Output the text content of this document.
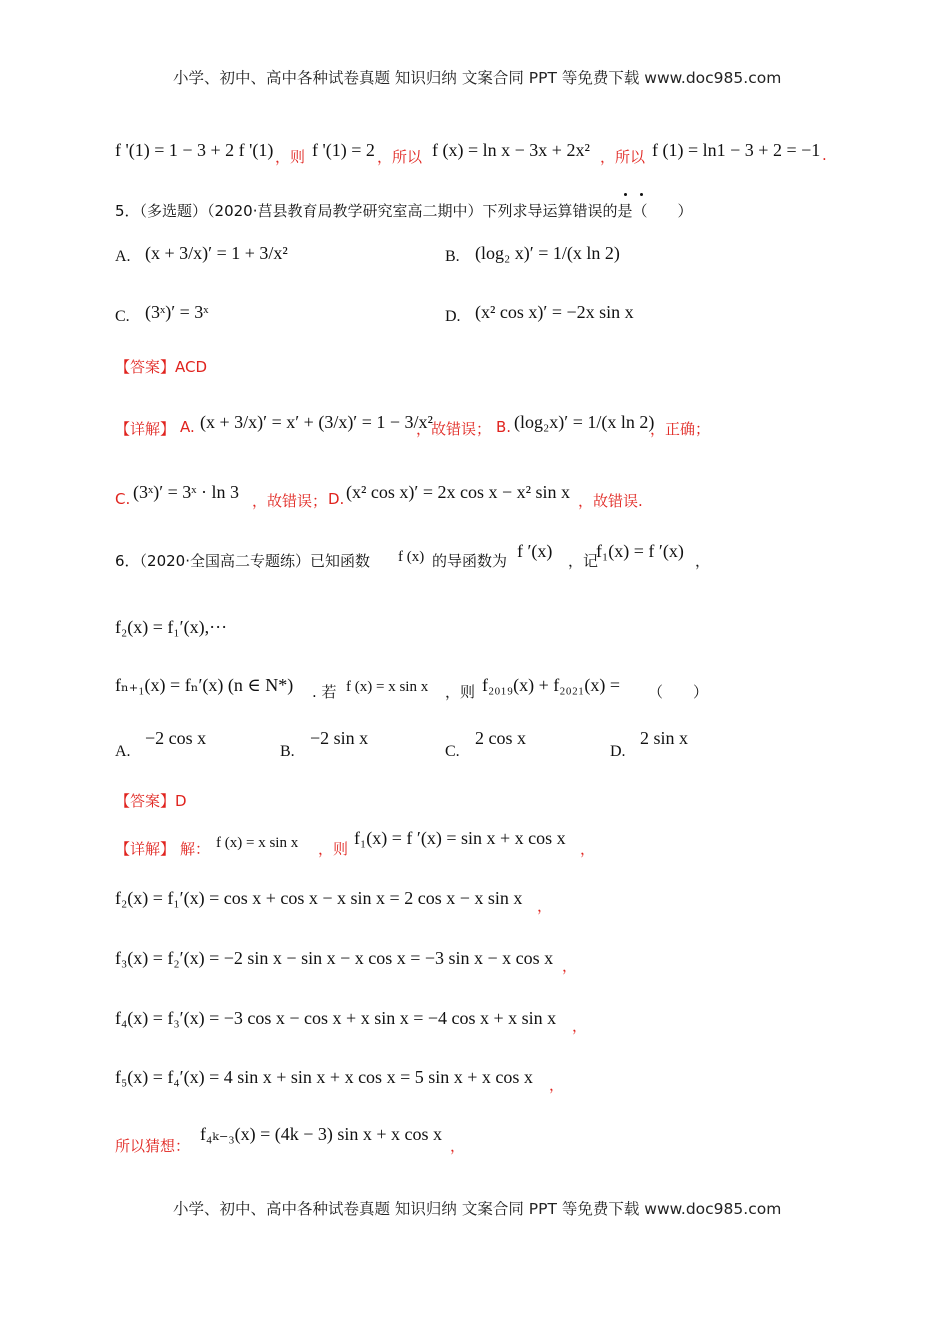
小学、初中、高中各种试卷真题 知识归纳 文案合同 PPT 等免费下载 www.doc985.com
f '(1) = 1 − 3 + 2 f '(1) ，则 f '(1) = 2 ，所以 f (x) = ln x − 3x + 2x² ，所以 f (1) = ln1 − 3 + 2 = −1 .
5．（多选题）（2020·莒县教育局教学研究室高二期中）下列求导运算错误的是（　　）
A. (x + 3/x)′ = 1 + 3/x²	B. (log₂ x)′ = 1/(x ln 2)
C. (3ˣ)′ = 3ˣ	D. (x² cos x)′ = −2x sin x
【答案】ACD
【详解】 A. (x + 3/x)′ = x′ + (3/x)′ = 1 − 3/x²
，故错误； B. (log₂x)′ = 1/(x ln 2)
，正确；
C. (3ˣ)′ = 3ˣ · ln 3 ，故错误； D. (x² cos x)′ = 2x cos x − x² sin x ，故错误.
6．（2020·全国高二专题练）已知函数 f (x) 的导函数为 f ′(x) ，记
f₁(x) = f ′(x) ，
f₂(x) = f₁′(x),···
fₙ₊₁(x) = fₙ′(x) (n ∈ N*) . 若 f (x) = x sin x ，则 f₂₀₁₉(x) + f₂₀₂₁(x) = （　　）
A.
−2 cos x
B.
−2 sin x
C.
2 cos x
D.
2 sin x
【答案】D
【详解】 解： f (x) = x sin x ，则
f₁(x) = f ′(x) = sin x + x cos x
，
f₂(x) = f₁′(x) = cos x + cos x − x sin x = 2 cos x − x sin x ，
f₃(x) = f₂′(x) = −2 sin x − sin x − x cos x = −3 sin x − x cos x ，
f₄(x) = f₃′(x) = −3 cos x − cos x + x sin x = −4 cos x + x sin x ，
f₅(x) = f₄′(x) = 4 sin x + sin x + x cos x = 5 sin x + x cos x ，
所以猜想：
f₄ₖ₋₃(x) = (4k − 3) sin x + x cos x
，
小学、初中、高中各种试卷真题 知识归纳 文案合同 PPT 等免费下载 www.doc985.com
